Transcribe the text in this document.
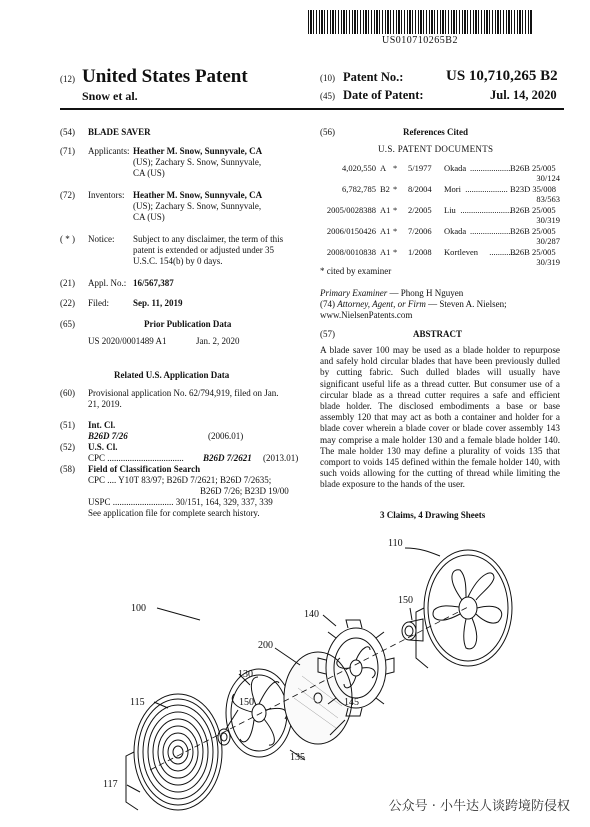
US010710265B2
(12) United States Patent
Snow et al.
(10) Patent No.:	US 10,710,265 B2
(45) Date of Patent:	Jul. 14, 2020
(54) BLADE SAVER
(71) Applicants: Heather M. Snow, Sunnyvale, CA
(US); Zachary S. Snow, Sunnyvale,
CA (US)
(72) Inventors: Heather M. Snow, Sunnyvale, CA
(US); Zachary S. Snow, Sunnyvale,
CA (US)
( * ) Notice: Subject to any disclaimer, the term of this
patent is extended or adjusted under 35
U.S.C. 154(b) by 0 days.
(21) Appl. No.: 16/567,387
(22) Filed:	Sep. 11, 2019
(65)	Prior Publication Data
US 2020/0001489 A1	Jan. 2, 2020
Related U.S. Application Data
(60) Provisional application No. 62/794,919, filed on Jan.
21, 2019.
(51) Int. Cl.
B26D 7/26	(2006.01)
(52) U.S. Cl.
CPC .................................. B26D 7/2621 (2013.01)
(58) Field of Classification Search
CPC .... Y10T 83/97; B26D 7/2621; B26D 7/2635;
B26D 7/26; B23D 19/00
USPC ........................... 30/151, 164, 329, 337, 339
See application file for complete search history.
(56)	References Cited
U.S. PATENT DOCUMENTS
4,020,550 A * 5/1977 Okada ................... B26B 25/005
30/124
6,782,785 B2 * 8/2004 Mori .................... B23D 35/008
83/563
2005/0028388 A1 * 2/2005 Liu ........................
B26B 25/005
30/319
2006/0150426 A1 * 7/2006 Okada ................... B26B 25/005
30/287
2008/0010838 A1 * 1/2008 Kortleven .............
B26B 25/005
30/319
* cited by examiner
Primary Examiner — Phong H Nguyen
(74) Attorney, Agent, or Firm — Steven A. Nielsen;
www.NielsenPatents.com
(57)	ABSTRACT
A blade saver 100 may be used as a blade holder to repurpose and safely hold circular blades that have been previously dulled by cutting fabric. Such dulled blades will usually have significant useful life as a thread cutter. But consumer use of a circular blade as a thread cutter requires a safe and efficient blade holder. The disclosed embodiments a base or base assembly 120 that may act as both a container and holder for a blade cover wherein a blade cover or blade cover assembly 143 may comprise a male holder 130 and a female blade holder 140. The male holder 130 may define a plurality of voids 135 that comport to voids 145 defined within the female holder 140, with such voids allowing for the cutting of thread while limiting the blade exposure to the hands of the user.
3 Claims, 4 Drawing Sheets
110
100
140
150
200
130
115	150	145
135
117
公众号 · 小牛达人谈跨境防侵权
